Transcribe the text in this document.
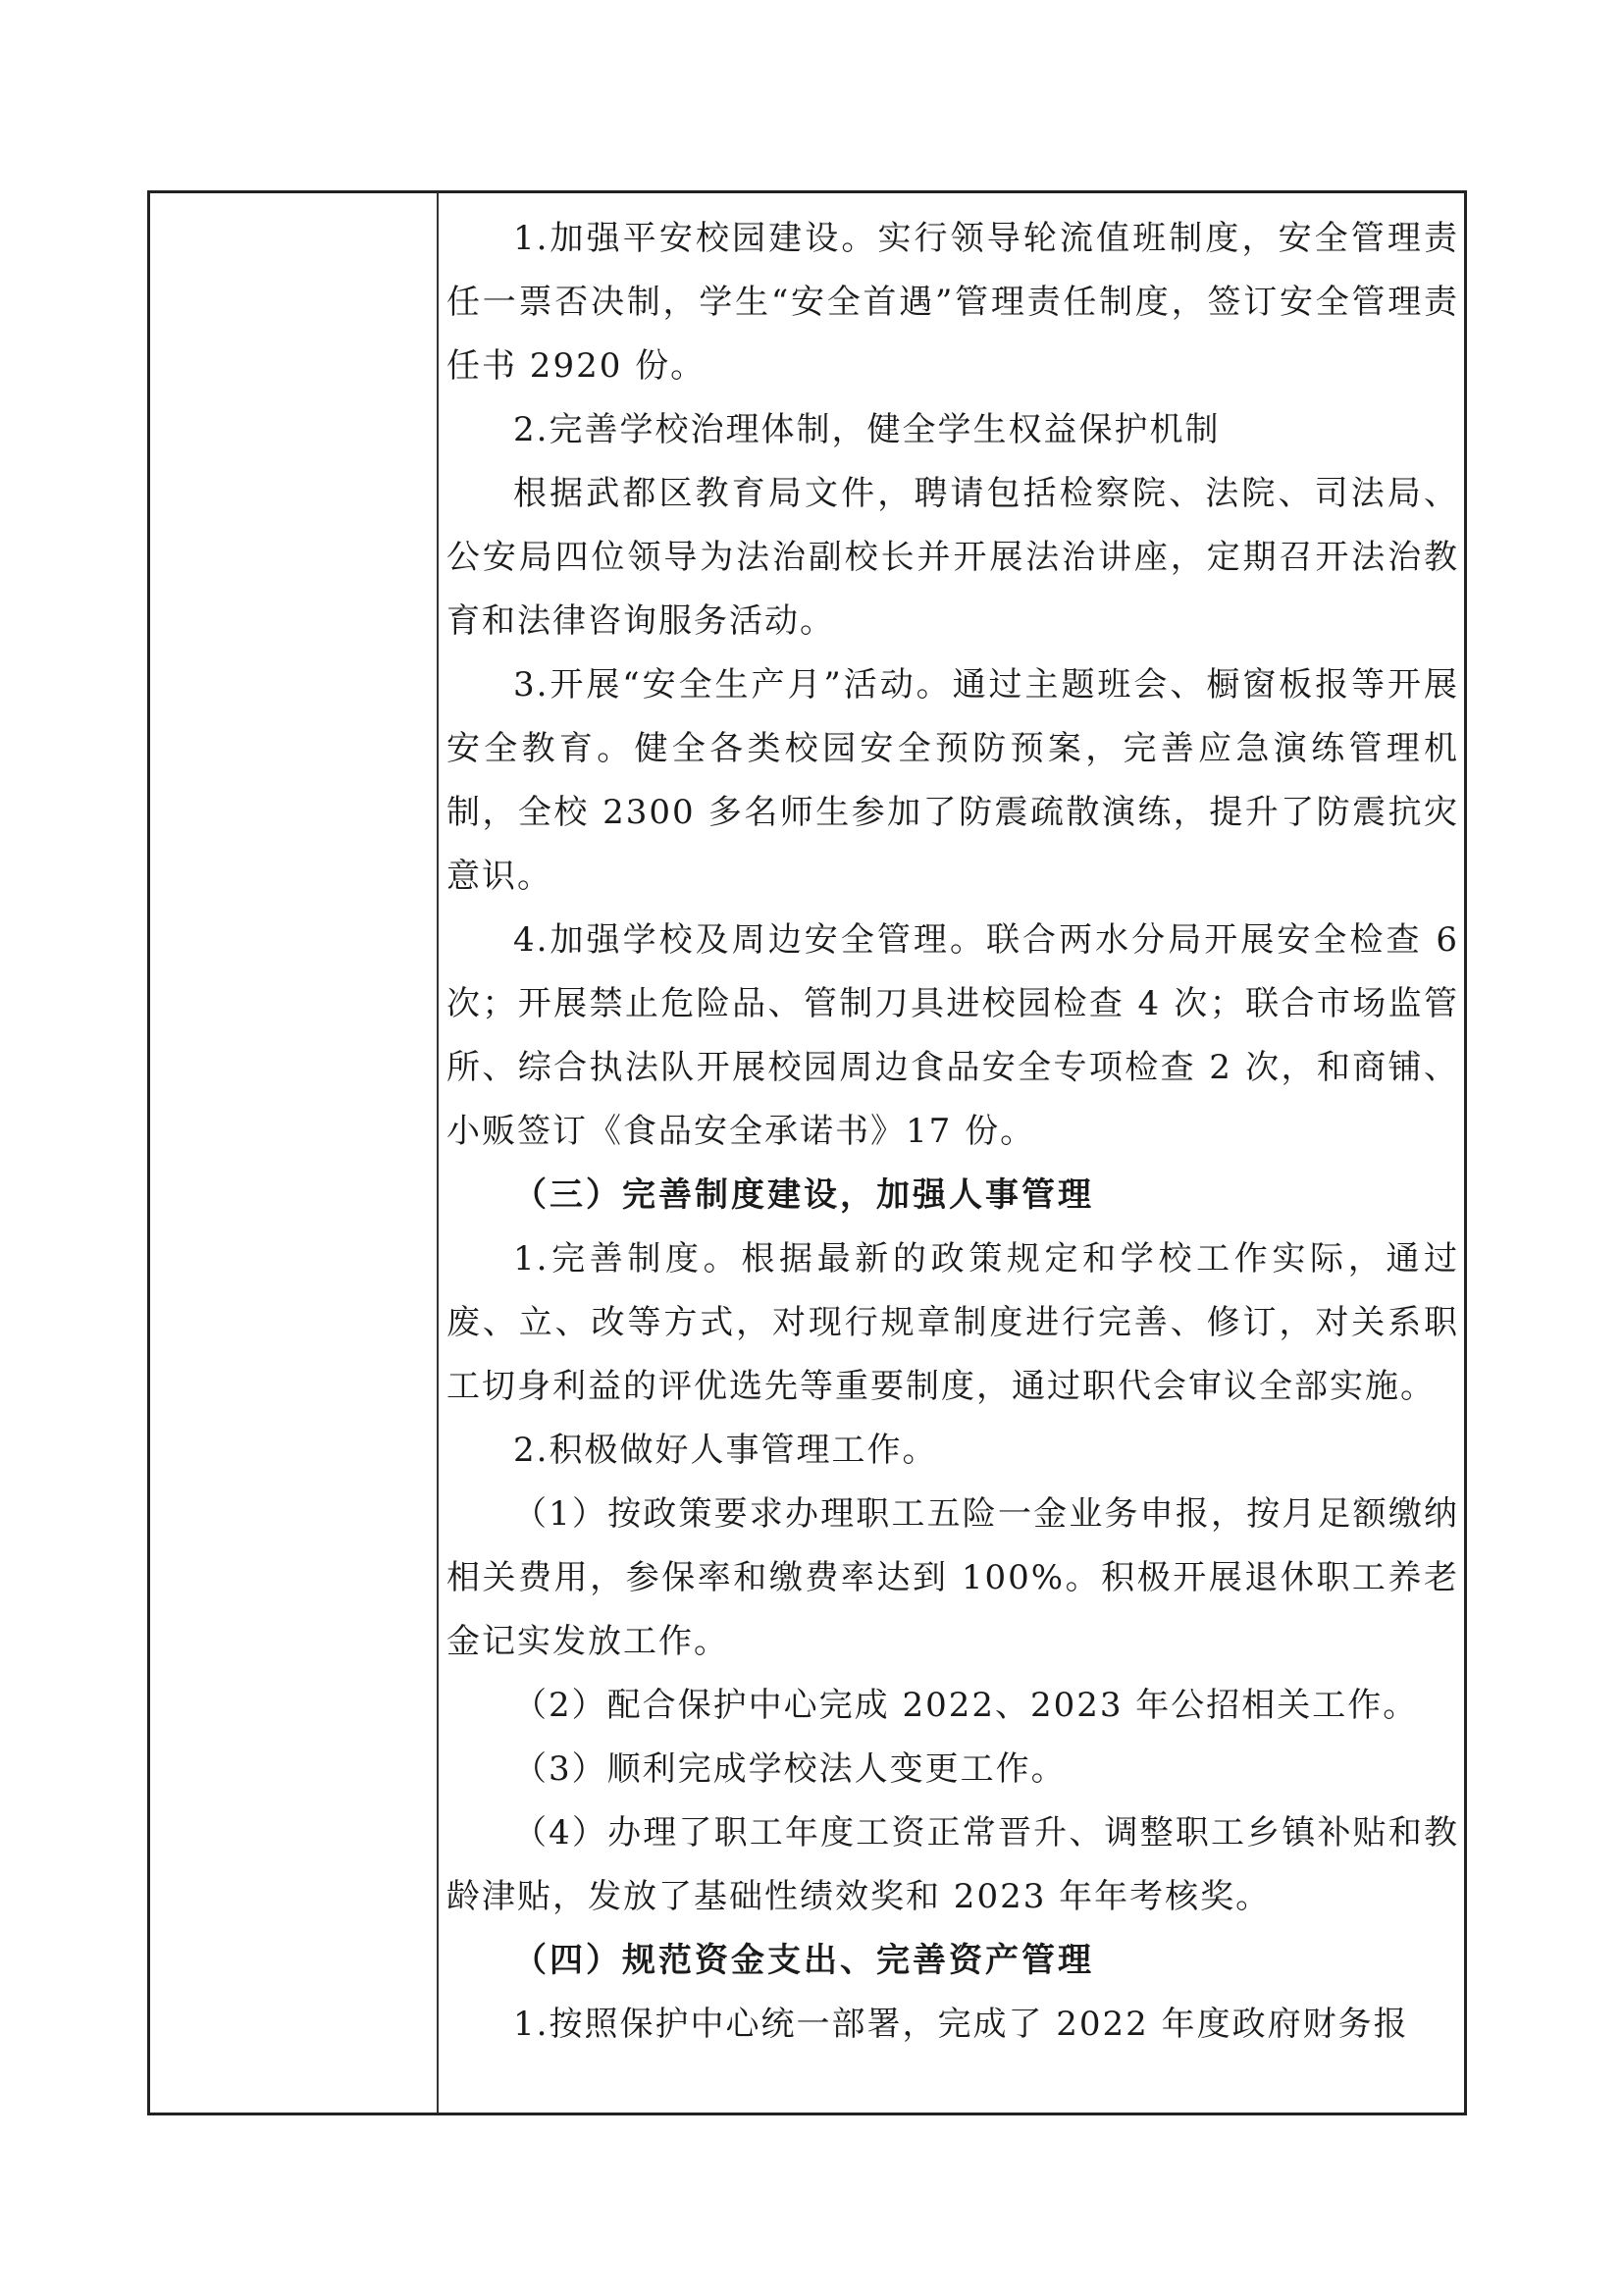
1.加强平安校园建设。实行领导轮流值班制度，安全管理责任一票否决制，学生“安全首遇”管理责任制度，签订安全管理责任书 2920 份。

2.完善学校治理体制，健全学生权益保护机制

根据武都区教育局文件，聘请包括检察院、法院、司法局、公安局四位领导为法治副校长并开展法治讲座，定期召开法治教育和法律咨询服务活动。

3.开展“安全生产月”活动。通过主题班会、橱窗板报等开展安全教育。健全各类校园安全预防预案，完善应急演练管理机制，全校 2300 多名师生参加了防震疏散演练，提升了防震抗灾意识。

4.加强学校及周边安全管理。联合两水分局开展安全检查 6 次；开展禁止危险品、管制刀具进校园检查 4 次；联合市场监管所、综合执法队开展校园周边食品安全专项检查 2 次，和商铺、小贩签订《食品安全承诺书》17 份。

（三）完善制度建设，加强人事管理

1.完善制度。根据最新的政策规定和学校工作实际，通过废、立、改等方式，对现行规章制度进行完善、修订，对关系职工切身利益的评优选先等重要制度，通过职代会审议全部实施。

2.积极做好人事管理工作。

（1）按政策要求办理职工五险一金业务申报，按月足额缴纳相关费用，参保率和缴费率达到 100%。积极开展退休职工养老金记实发放工作。

（2）配合保护中心完成 2022、2023 年公招相关工作。

（3）顺利完成学校法人变更工作。

（4）办理了职工年度工资正常晋升、调整职工乡镇补贴和教龄津贴，发放了基础性绩效奖和 2023 年年考核奖。

（四）规范资金支出、完善资产管理

1.按照保护中心统一部署，完成了 2022 年度政府财务报
